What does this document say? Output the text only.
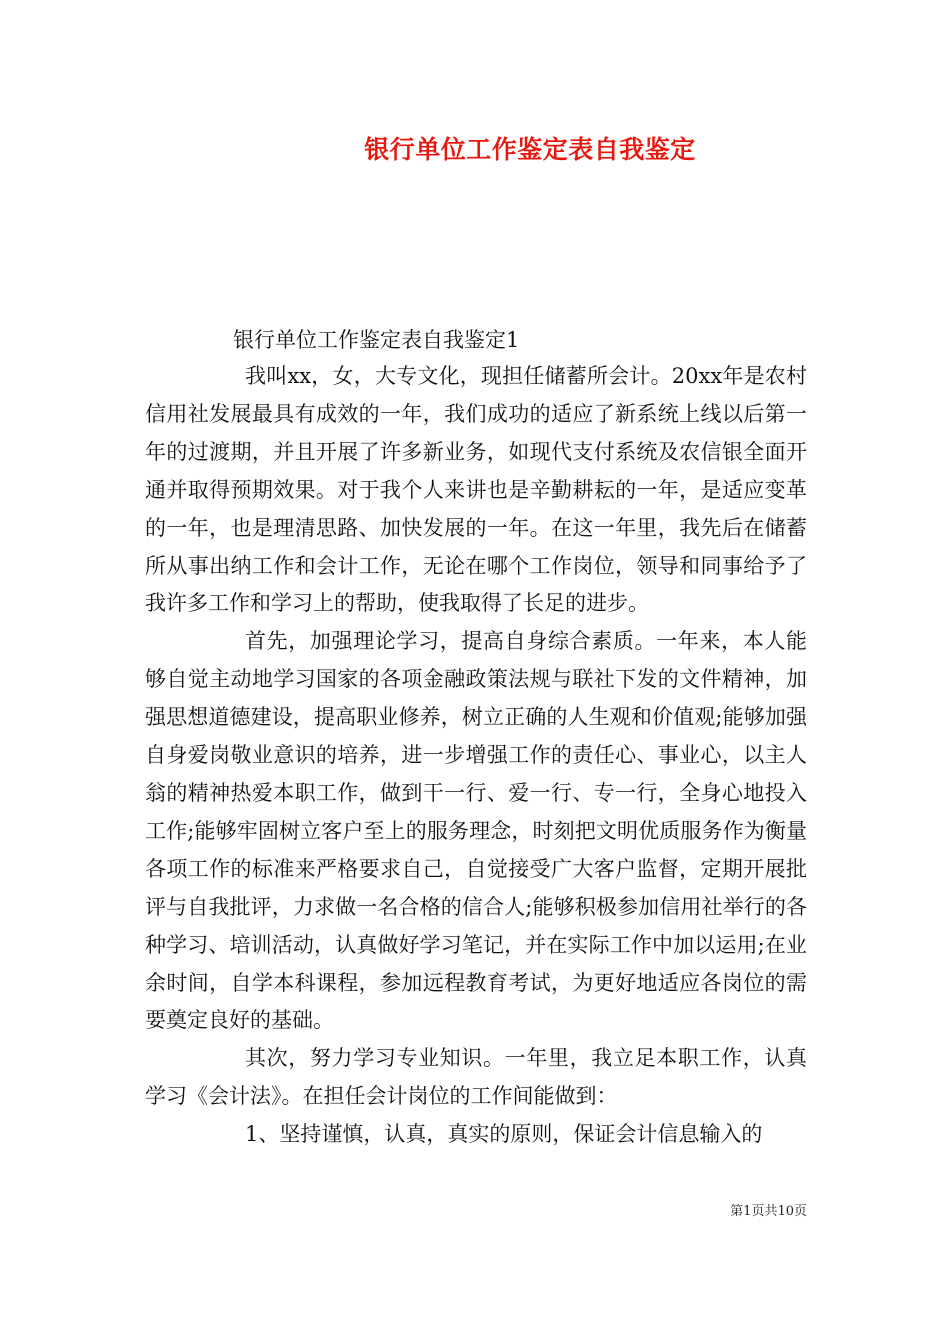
银行单位工作鉴定表自我鉴定

银行单位工作鉴定表自我鉴定1

我叫xx，女，大专文化，现担任储蓄所会计。20xx年是农村信用社发展最具有成效的一年，我们成功的适应了新系统上线以后第一年的过渡期，并且开展了许多新业务，如现代支付系统及农信银全面开通并取得预期效果。对于我个人来讲也是辛勤耕耘的一年，是适应变革的一年，也是理清思路、加快发展的一年。在这一年里，我先后在储蓄所从事出纳工作和会计工作，无论在哪个工作岗位，领导和同事给予了我许多工作和学习上的帮助，使我取得了长足的进步。

首先，加强理论学习，提高自身综合素质。一年来，本人能够自觉主动地学习国家的各项金融政策法规与联社下发的文件精神，加强思想道德建设，提高职业修养，树立正确的人生观和价值观;能够加强自身爱岗敬业意识的培养，进一步增强工作的责任心、事业心，以主人翁的精神热爱本职工作，做到干一行、爱一行、专一行，全身心地投入工作;能够牢固树立客户至上的服务理念，时刻把文明优质服务作为衡量各项工作的标准来严格要求自己，自觉接受广大客户监督，定期开展批评与自我批评，力求做一名合格的信合人;能够积极参加信用社举行的各种学习、培训活动，认真做好学习笔记，并在实际工作中加以运用;在业余时间，自学本科课程，参加远程教育考试，为更好地适应各岗位的需要奠定良好的基础。

其次，努力学习专业知识。一年里，我立足本职工作，认真学习《会计法》。在担任会计岗位的工作间能做到：

1、坚持谨慎，认真，真实的原则，保证会计信息输入的

第1页共10页
